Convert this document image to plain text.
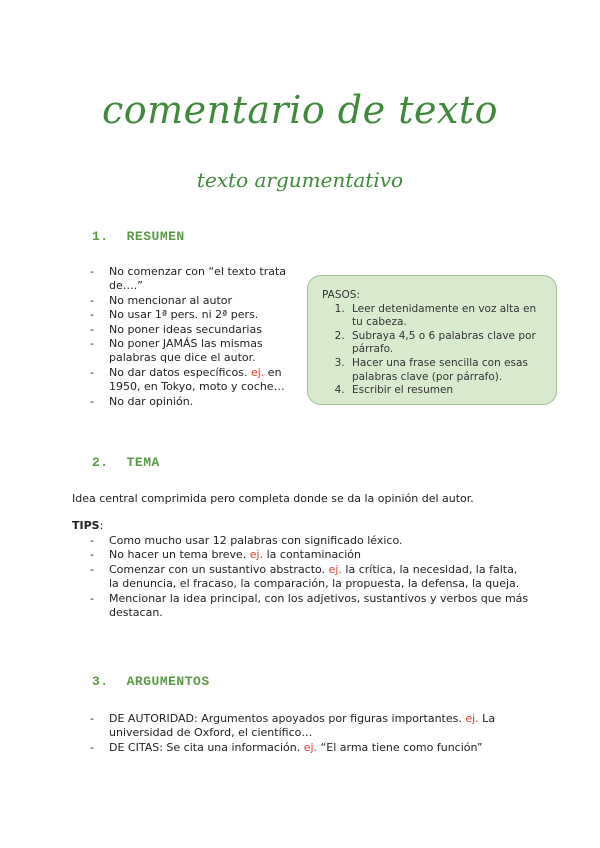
comentario de texto
texto argumentativo
1. RESUMEN
- No comenzar con “el texto trata de….”
- No mencionar al autor
- No usar 1ª pers. ni 2ª pers.
- No poner ideas secundarias
- No poner JAMÁS las mismas palabras que dice el autor.
- No dar datos específicos. ej. en 1950, en Tokyo, moto y coche…
- No dar opinión.
PASOS:
1. Leer detenidamente en voz alta en tu cabeza.
2. Subraya 4,5 o 6 palabras clave por párrafo.
3. Hacer una frase sencilla con esas palabras clave (por párrafo).
4. Escribir el resumen
2. TEMA
Idea central comprimida pero completa donde se da la opinión del autor.
TIPS:
- Como mucho usar 12 palabras con significado léxico.
- No hacer un tema breve. ej. la contaminación
- Comenzar con un sustantivo abstracto. ej. la crítica, la necesidad, la falta, la denuncia, el fracaso, la comparación, la propuesta, la defensa, la queja.
- Mencionar la idea principal, con los adjetivos, sustantivos y verbos que más destacan.
3. ARGUMENTOS
- DE AUTORIDAD: Argumentos apoyados por figuras importantes. ej. La universidad de Oxford, el científico…
- DE CITAS: Se cita una información. ej. “El arma tiene como función”
